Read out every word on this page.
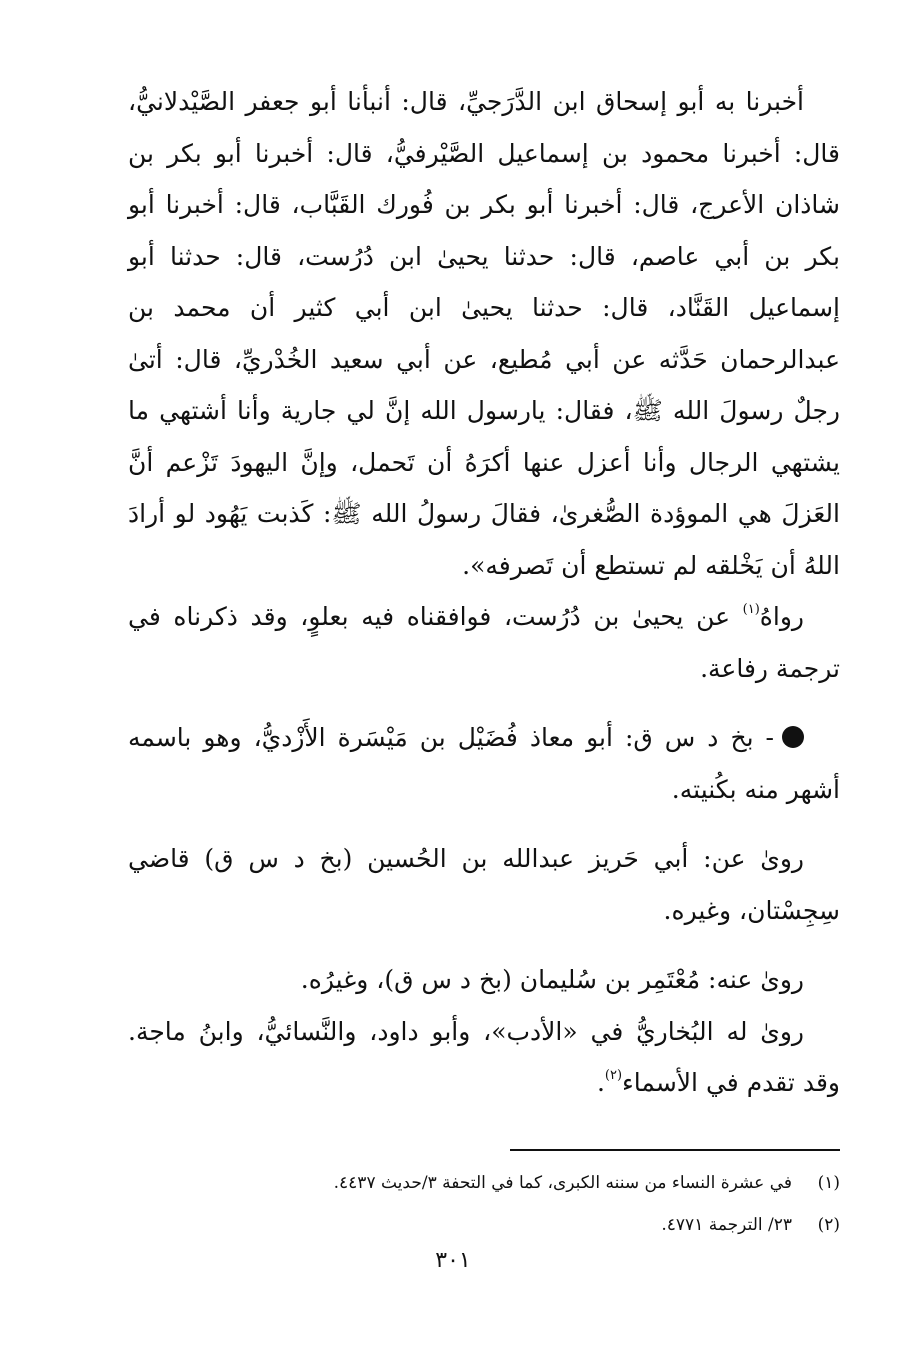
أخبرنا به أبو إسحاق ابن الدَّرَجيِّ، قال: أنبأنا أبو جعفر الصَّيْدلانيُّ، قال: أخبرنا محمود بن إسماعيل الصَّيْرفيُّ، قال: أخبرنا أبو بكر بن شاذان الأعرج، قال: أخبرنا أبو بكر بن فُورك القَبَّاب، قال: أخبرنا أبو بكر بن أبي عاصم، قال: حدثنا يحيىٰ ابن دُرُست، قال: حدثنا أبو إسماعيل القَنَّاد، قال: حدثنا يحيىٰ ابن أبي كثير أن محمد بن عبدالرحمان حَدَّثه عن أبي مُطيع، عن أبي سعيد الخُدْريِّ، قال: أتىٰ رجلٌ رسولَ الله ﷺ، فقال: يارسول الله إنَّ لي جارية وأنا أشتهي ما يشتهي الرجال وأنا أعزل عنها أكرَهُ أن تَحمل، وإنَّ اليهودَ تَزْعم أنَّ العَزلَ هي الموؤدة الصُّغرىٰ، فقالَ رسولُ الله ﷺ: كَذبت يَهُود لو أرادَ اللهُ أن يَخْلقه لم تستطع أن تَصرفه».

رواهُ$^{(١)}$ عن يحيىٰ بن دُرُست، فوافقناه فيه بعلوٍ، وقد ذكرناه في ترجمة رفاعة.

- بخ د س ق: أبو معاذ فُضَيْل بن مَيْسَرة الأَزْديُّ، وهو باسمه أشهر منه بكُنيته.

روىٰ عن: أبي حَريز عبدالله بن الحُسين (بخ د س ق) قاضي سِجِسْتان، وغيره.

روىٰ عنه: مُعْتَمِر بن سُليمان (بخ د س ق)، وغيرُه.

روىٰ له البُخاريُّ في «الأدب»، وأبو داود، والنَّسائيُّ، وابنُ ماجة. وقد تقدم في الأسماء$^{(٢)}$.

(١)في عشرة النساء من سننه الكبرى، كما في التحفة ٣/حديث ٤٤٣٧.
(٢)٢٣/ الترجمة ٤٧٧١.
٣٠١
